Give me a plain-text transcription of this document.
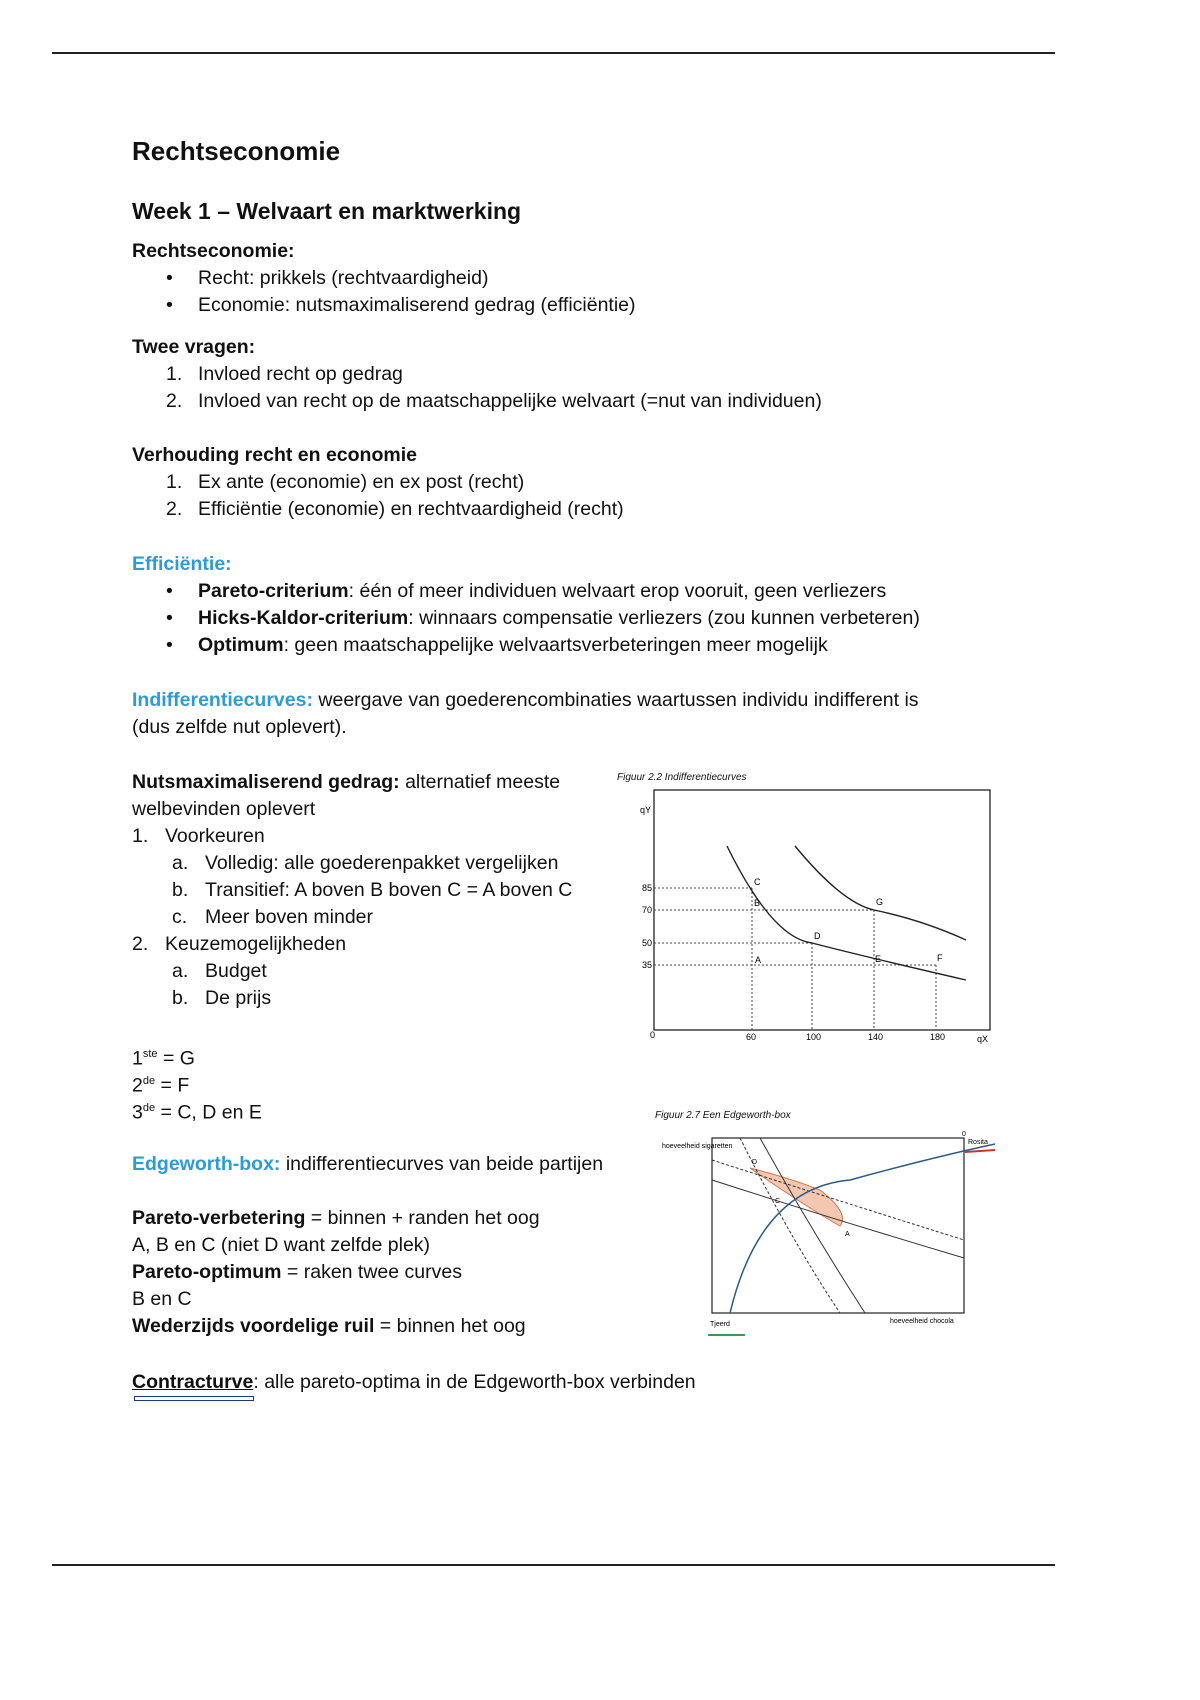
Rechtseconomie
Week 1 – Welvaart en marktwerking
Rechtseconomie:
• Recht: prikkels (rechtvaardigheid)
• Economie: nutsmaximaliserend gedrag (efficiëntie)
Twee vragen:
1. Invloed recht op gedrag
2. Invloed van recht op de maatschappelijke welvaart (=nut van individuen)
Verhouding recht en economie
1. Ex ante (economie) en ex post (recht)
2. Efficiëntie (economie) en rechtvaardigheid (recht)
Efficiëntie:
• Pareto-criterium: één of meer individuen welvaart erop vooruit, geen verliezers
• Hicks-Kaldor-criterium: winnaars compensatie verliezers (zou kunnen verbeteren)
• Optimum: geen maatschappelijke welvaartsverbeteringen meer mogelijk
Indifferentiecurves: weergave van goederencombinaties waartussen individu indifferent is
(dus zelfde nut oplevert).
Nutsmaximaliserend gedrag: alternatief meeste
welbevinden oplevert
1. Voorkeuren
a. Volledig: alle goederenpakket vergelijken
b. Transitief: A boven B boven C = A boven C
c. Meer boven minder
2. Keuzemogelijkheden
a. Budget
b. De prijs
1ste = G
2de = F
3de = C, D en E
Edgeworth-box: indifferentiecurves van beide partijen
Pareto-verbetering = binnen + randen het oog
A, B en C (niet D want zelfde plek)
Pareto-optimum = raken twee curves
B en C
Wederzijds voordelige ruil = binnen het oog
Contracturve: alle pareto-optima in de Edgeworth-box verbinden
Figuur 2.2 Indifferentiecurves
qY
qX
0
85
70
50
35
60	100	140	180
A
B
C
D
E	F
G
Figuur 2.7 Een Edgeworth-box
hoeveelheid sigaretten
hoeveelheid chocola
Rosita
Tjeerd
0
A
C
D
